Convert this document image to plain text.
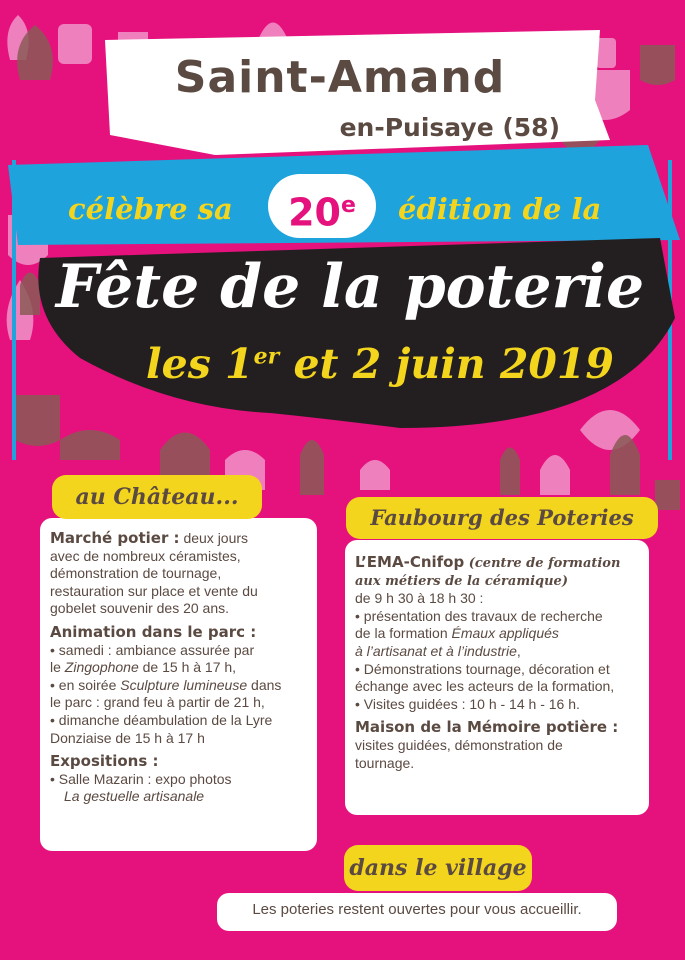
Saint-Amand
en-Puisaye (58)
célèbre sa	20e	édition de la
Fête de la poterie
les 1er et 2 juin 2019

Marché potier : deux jours

avec de nombreux céramistes,

démonstration de tournage,

restauration sur place et vente du

gobelet souvenir des 20 ans.

Animation dans le parc :

• samedi : ambiance assurée par

le Zingophone de 15 h à 17 h,

• en soirée Sculpture lumineuse dans

le parc : grand feu à partir de 21 h,

• dimanche déambulation de la Lyre

Donziaise de 15 h à 17 h

Expositions :

• Salle Mazarin : expo photos

La gestuelle artisanale

au Château...

L’EMA-Cnifop (centre de formation

aux métiers de la céramique)

de 9 h 30 à 18 h 30 :

• présentation des travaux de recherche

de la formation Émaux appliqués

à l’artisanat et à l’industrie,

• Démonstrations tournage, décoration et

échange avec les acteurs de la formation,

• Visites guidées : 10 h - 14 h - 16 h.

Maison de la Mémoire potière :

visites guidées, démonstration de

tournage.

Faubourg des Poteries

Les poteries restent ouvertes pour vous accueillir.

dans le village
